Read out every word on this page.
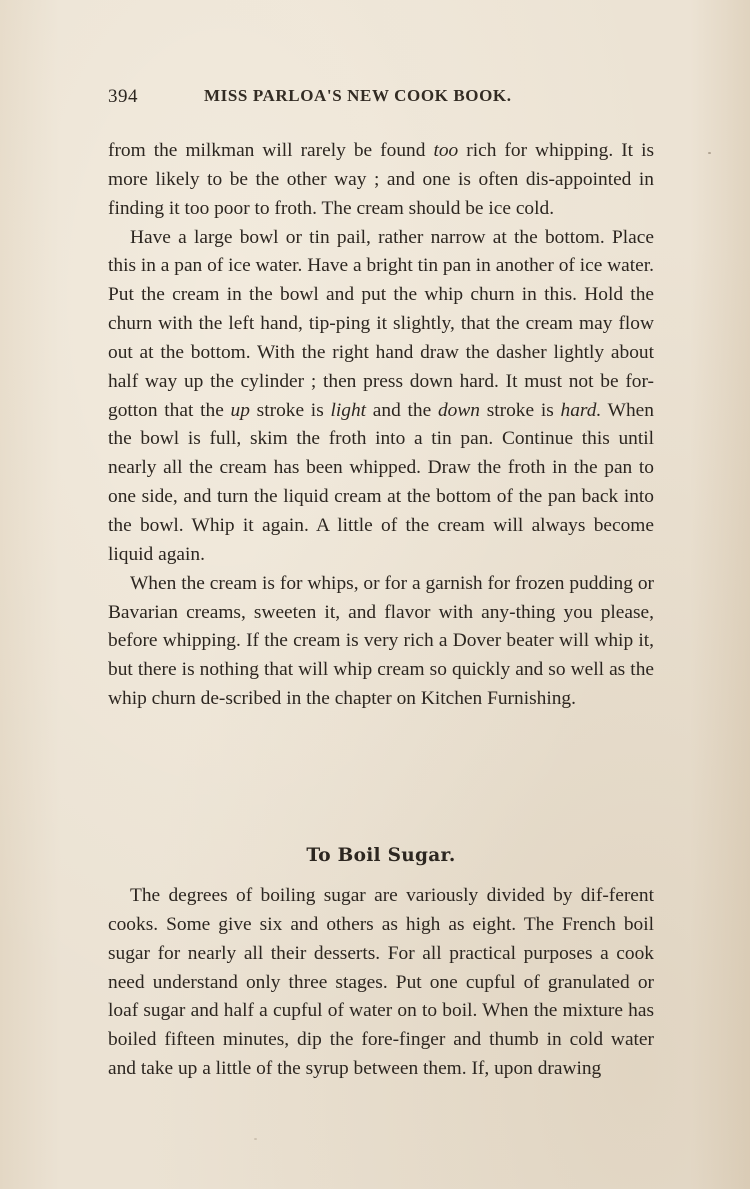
394	MISS PARLOA'S NEW COOK BOOK.

from the milkman will rarely be found too rich for whipping. It is more likely to be the other way ; and one is often dis-appointed in finding it too poor to froth. The cream should be ice cold.

Have a large bowl or tin pail, rather narrow at the bottom. Place this in a pan of ice water. Have a bright tin pan in another of ice water. Put the cream in the bowl and put the whip churn in this. Hold the churn with the left hand, tip-ping it slightly, that the cream may flow out at the bottom. With the right hand draw the dasher lightly about half way up the cylinder ; then press down hard. It must not be for-gotton that the up stroke is light and the down stroke is hard. When the bowl is full, skim the froth into a tin pan. Continue this until nearly all the cream has been whipped. Draw the froth in the pan to one side, and turn the liquid cream at the bottom of the pan back into the bowl. Whip it again. A little of the cream will always become liquid again.

When the cream is for whips, or for a garnish for frozen pudding or Bavarian creams, sweeten it, and flavor with any-thing you please, before whipping. If the cream is very rich a Dover beater will whip it, but there is nothing that will whip cream so quickly and so well as the whip churn de-scribed in the chapter on Kitchen Furnishing.

To Boil Sugar.

The degrees of boiling sugar are variously divided by dif-ferent cooks. Some give six and others as high as eight. The French boil sugar for nearly all their desserts. For all practical purposes a cook need understand only three stages. Put one cupful of granulated or loaf sugar and half a cupful of water on to boil. When the mixture has boiled fifteen minutes, dip the fore-finger and thumb in cold water and take up a little of the syrup between them. If, upon drawing
